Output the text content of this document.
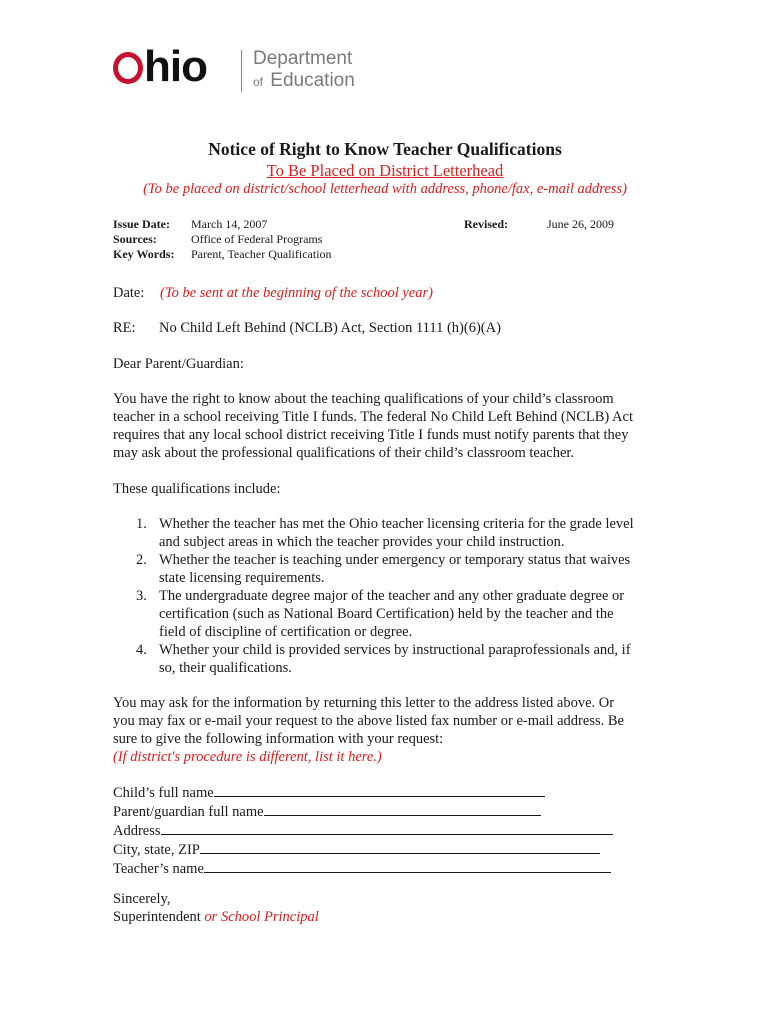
hio Department
of Education
Notice of Right to Know Teacher Qualifications
To Be Placed on District Letterhead
(To be placed on district/school letterhead with address, phone/fax, e-mail address)
Issue Date:
Sources:
Key Words:
March 14, 2007
Office of Federal Programs
Parent, Teacher Qualification
Revised:	June 26, 2009
Date: (To be sent at the beginning of the school year)
RE: No Child Left Behind (NCLB) Act, Section 1111 (h)(6)(A)
Dear Parent/Guardian:
You have the right to know about the teaching qualifications of your child’s classroom
teacher in a school receiving Title I funds. The federal No Child Left Behind (NCLB) Act
requires that any local school district receiving Title I funds must notify parents that they
may ask about the professional qualifications of their child’s classroom teacher.
These qualifications include:
1. Whether the teacher has met the Ohio teacher licensing criteria for the grade level
and subject areas in which the teacher provides your child instruction.
2. Whether the teacher is teaching under emergency or temporary status that waives
state licensing requirements.
3. The undergraduate degree major of the teacher and any other graduate degree or
certification (such as National Board Certification) held by the teacher and the
field of discipline of certification or degree.
4. Whether your child is provided services by instructional paraprofessionals and, if
so, their qualifications.
You may ask for the information by returning this letter to the address listed above. Or
you may fax or e-mail your request to the above listed fax number or e-mail address. Be
sure to give the following information with your request:
(If district's procedure is different, list it here.)
Child’s full name
Parent/guardian full name
Address
City, state, ZIP
Teacher’s name
Sincerely,
Superintendent or School Principal
